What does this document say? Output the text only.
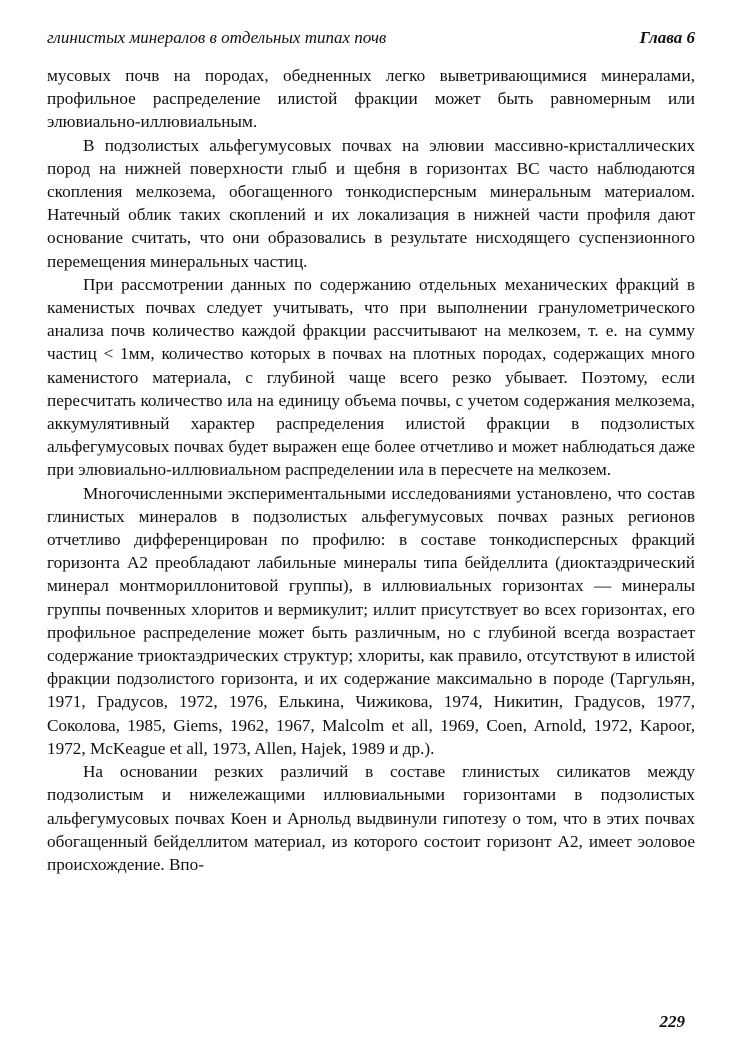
глинистых минералов в отдельных типах почв	Глава 6

мусовых почв на породах, обедненных легко выветривающимися минералами, профильное распределение илистой фракции может быть равномерным или элювиально-иллювиальным.

В подзолистых альфегумусовых почвах на элювии массивно-кристаллических пород на нижней поверхности глыб и щебня в горизонтах ВС часто наблюдаются скопления мелкозема, обогащенного тонкодисперсным минеральным материалом. Натечный облик таких скоплений и их локализация в нижней части профиля дают основание считать, что они образовались в результате нисходящего суспензионного перемещения минеральных частиц.

При рассмотрении данных по содержанию отдельных механических фракций в каменистых почвах следует учитывать, что при выполнении гранулометрического анализа почв количество каждой фракции рассчитывают на мелкозем, т. е. на сумму частиц < 1мм, количество которых в почвах на плотных породах, содержащих много каменистого материала, с глубиной чаще всего резко убывает. Поэтому, если пересчитать количество ила на единицу объема почвы, с учетом содержания мелкозема, аккумулятивный характер распределения илистой фракции в подзолистых альфегумусовых почвах будет выражен еще более отчетливо и может наблюдаться даже при элювиально-иллювиальном распределении ила в пересчете на мелкозем.

Многочисленными экспериментальными исследованиями установлено, что состав глинистых минералов в подзолистых альфегумусовых почвах разных регионов отчетливо дифференцирован по профилю: в составе тонкодисперсных фракций горизонта А2 преобладают лабильные минералы типа бейделлита (диоктаэдрический минерал монтмориллонитовой группы), в иллювиальных горизонтах — минералы группы почвенных хлоритов и вермикулит; иллит присутствует во всех горизонтах, его профильное распределение может быть различным, но с глубиной всегда возрастает содержание триоктаэдрических структур; хлориты, как правило, отсутствуют в илистой фракции подзолистого горизонта, и их содержание максимально в породе (Таргульян, 1971, Градусов, 1972, 1976, Елькина, Чижикова, 1974, Никитин, Градусов, 1977, Соколова, 1985, Giems, 1962, 1967, Malcolm et all, 1969, Coen, Arnold, 1972, Kapoor, 1972, McKeague et all, 1973, Allen, Hajek, 1989 и др.).

На основании резких различий в составе глинистых силикатов между подзолистым и нижележащими иллювиальными горизонтами в подзолистых альфегумусовых почвах Коен и Арнольд выдвинули гипотезу о том, что в этих почвах обогащенный бейделлитом материал, из которого состоит горизонт А2, имеет эоловое происхождение. Впо-

229
